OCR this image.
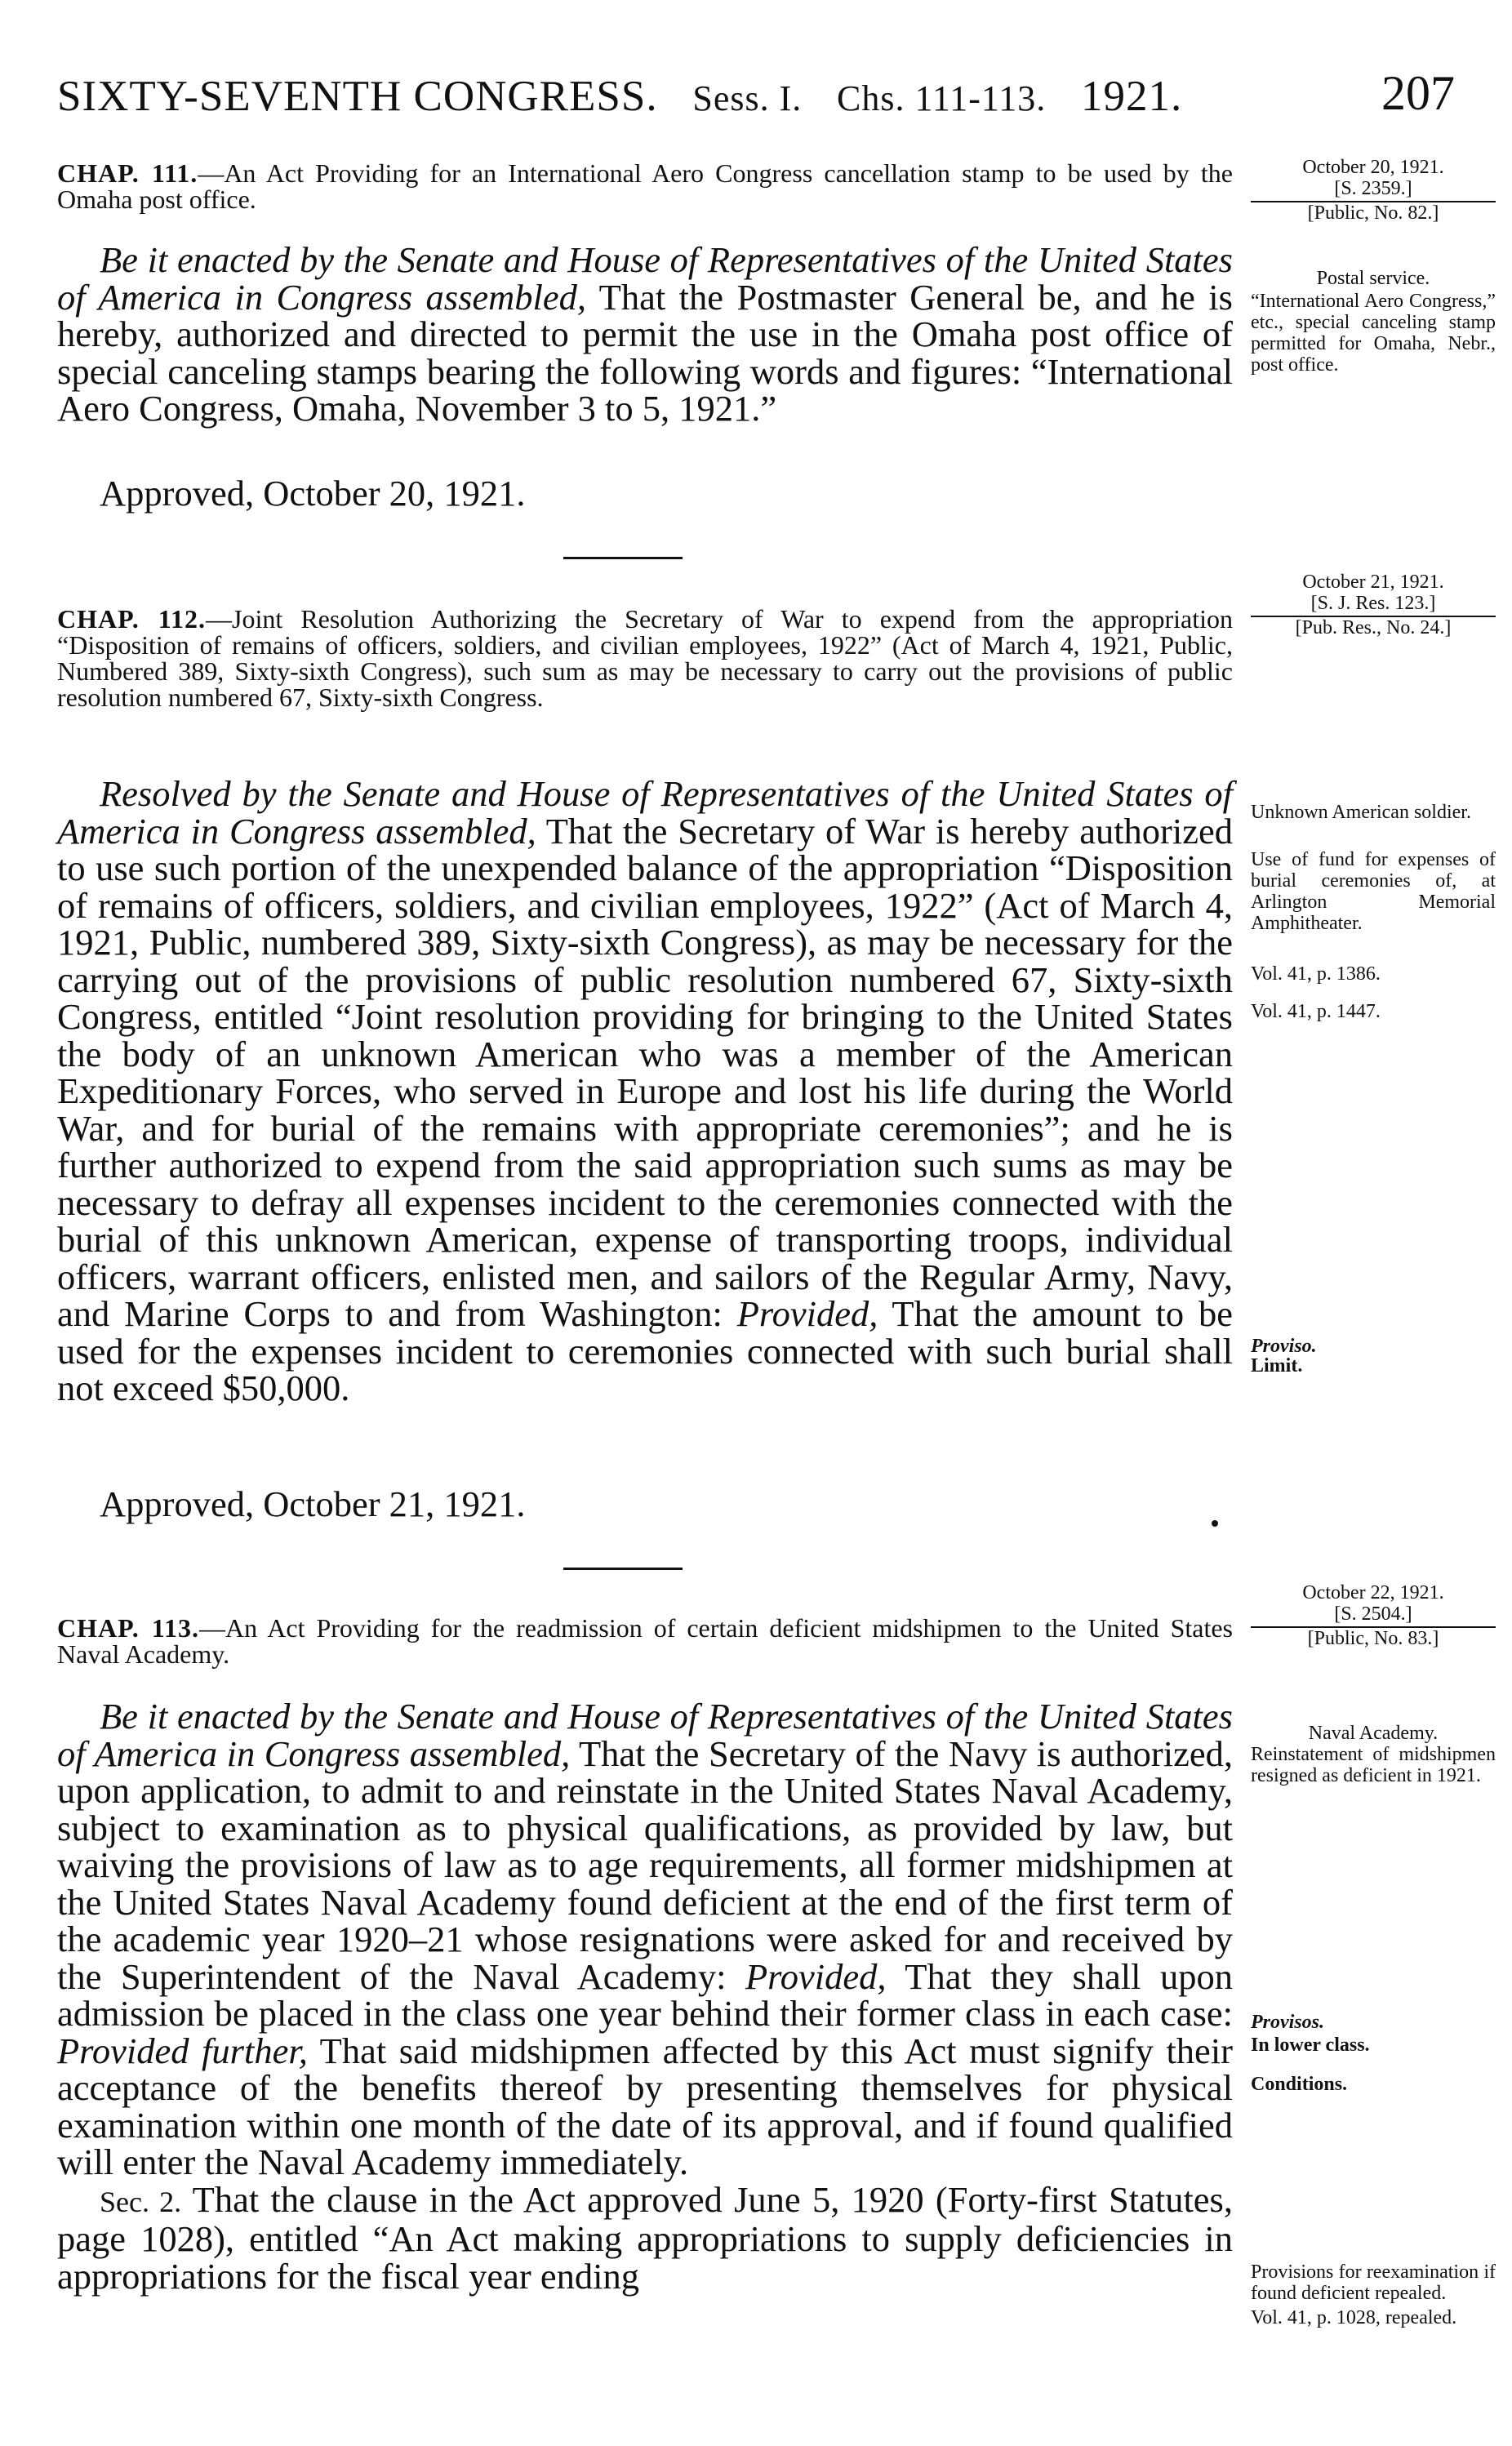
SIXTY-SEVENTH CONGRESS. Sess. I. Chs. 111-113. 1921.	207
CHAP. 111.—An Act Providing for an International Aero Congress cancellation stamp to be used by the Omaha post office.

Be it enacted by the Senate and House of Representatives of the United States of America in Congress assembled, That the Postmaster General be, and he is hereby, authorized and directed to permit the use in the Omaha post office of special canceling stamps bearing the following words and figures: “International Aero Congress, Omaha, November 3 to 5, 1921.”

Approved, October 20, 1921.
October 20, 1921.
[S. 2359.]
[Public, No. 82.]
Postal service.
“International Aero Congress,” etc., special canceling stamp permitted for Omaha, Nebr., post office.
October 21, 1921.
[S. J. Res. 123.]
[Pub. Res., No. 24.]
CHAP. 112.—Joint Resolution Authorizing the Secretary of War to expend from the appropriation “Disposition of remains of officers, soldiers, and civilian employees, 1922” (Act of March 4, 1921, Public, Numbered 389, Sixty-sixth Congress), such sum as may be necessary to carry out the provisions of public resolution numbered 67, Sixty-sixth Congress.

Resolved by the Senate and House of Representatives of the United States of America in Congress assembled, That the Secretary of War is hereby authorized to use such portion of the unexpended balance of the appropriation “Disposition of remains of officers, soldiers, and civilian employees, 1922” (Act of March 4, 1921, Public, numbered 389, Sixty-sixth Congress), as may be necessary for the carrying out of the provisions of public resolution numbered 67, Sixty-sixth Congress, entitled “Joint resolution providing for bringing to the United States the body of an unknown American who was a member of the American Expeditionary Forces, who served in Europe and lost his life during the World War, and for burial of the remains with appropriate ceremonies”; and he is further authorized to expend from the said appropriation such sums as may be necessary to defray all expenses incident to the ceremonies connected with the burial of this unknown American, expense of transporting troops, individual officers, warrant officers, enlisted men, and sailors of the Regular Army, Navy, and Marine Corps to and from Washington: Provided, That the amount to be used for the expenses incident to ceremonies connected with such burial shall not exceed $50,000.

Approved, October 21, 1921.
Unknown American soldier.
Use of fund for expenses of burial ceremonies of, at Arlington Memorial Amphitheater.
Vol. 41, p. 1386.
Vol. 41, p. 1447.
Proviso.
Limit.
October 22, 1921.
[S. 2504.]
[Public, No. 83.]
CHAP. 113.—An Act Providing for the readmission of certain deficient midshipmen to the United States Naval Academy.

Be it enacted by the Senate and House of Representatives of the United States of America in Congress assembled, That the Secretary of the Navy is authorized, upon application, to admit to and reinstate in the United States Naval Academy, subject to examination as to physical qualifications, as provided by law, but waiving the provisions of law as to age requirements, all former midshipmen at the United States Naval Academy found deficient at the end of the first term of the academic year 1920–21 whose resignations were asked for and received by the Superintendent of the Naval Academy: Provided, That they shall upon admission be placed in the class one year behind their former class in each case: Provided further, That said midshipmen affected by this Act must signify their acceptance of the benefits thereof by presenting themselves for physical examination within one month of the date of its approval, and if found qualified will enter the Naval Academy immediately.

Sec. 2. That the clause in the Act approved June 5, 1920 (Forty-first Statutes, page 1028), entitled “An Act making appropriations to supply deficiencies in appropriations for the fiscal year ending

Naval Academy.
Reinstatement of midshipmen resigned as deficient in 1921.
Provisos.
In lower class.
Conditions.
Provisions for reexamination if found deficient repealed.
Vol. 41, p. 1028, repealed.
